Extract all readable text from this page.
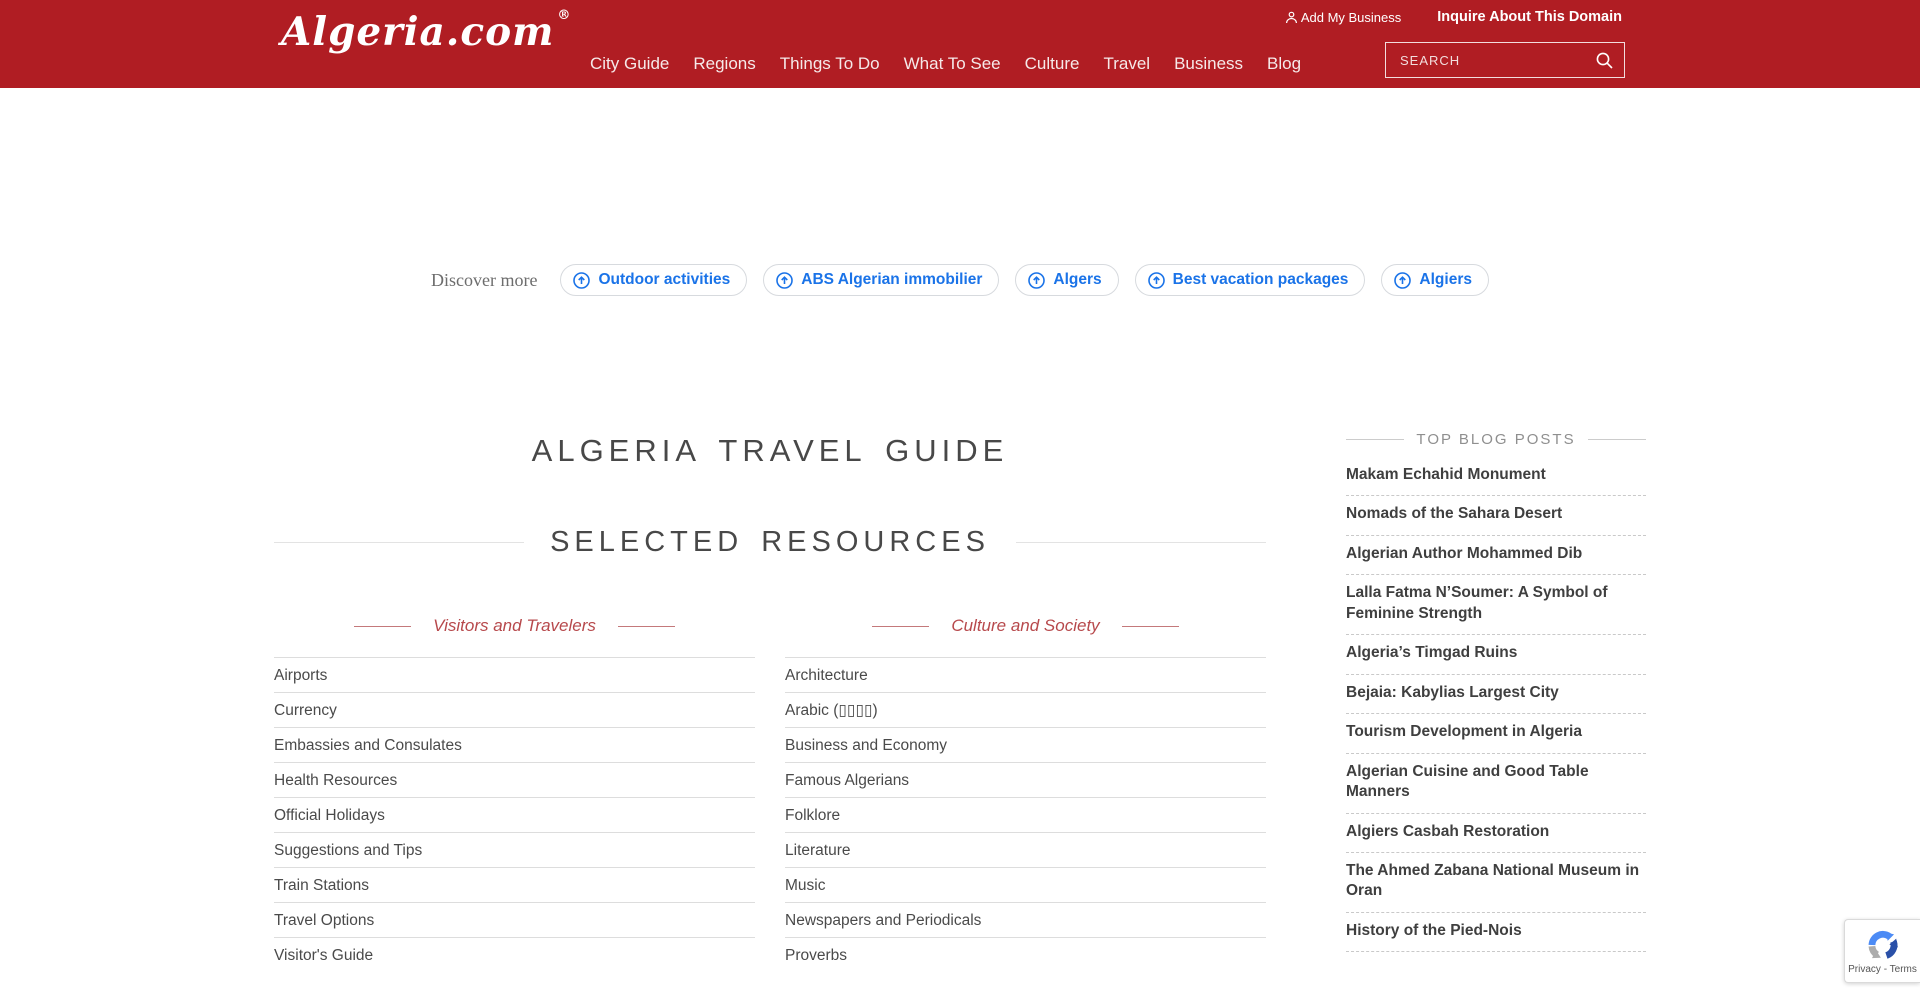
Algeria.com ®
City Guide Regions Things To Do What To See Culture Travel Business Blog
Add My Business Inquire About This Domain
SEARCH
Discover more	Outdoor activities	ABS Algerian immobilier	Algers	Best vacation packages	Algiers
ALGERIA TRAVEL GUIDE
SELECTED RESOURCES
Visitors and Travelers
Airports
Currency
Embassies and Consulates
Health Resources
Official Holidays
Suggestions and Tips
Train Stations
Travel Options
Visitor's Guide
Culture and Society
Architecture
Arabic (▯▯▯▯)
Business and Economy
Famous Algerians
Folklore
Literature
Music
Newspapers and Periodicals
Proverbs
TOP BLOG POSTS
Makam Echahid Monument
Nomads of the Sahara Desert
Algerian Author Mohammed Dib
Lalla Fatma N’Soumer: A Symbol of Feminine Strength
Algeria’s Timgad Ruins
Bejaia: Kabylias Largest City
Tourism Development in Algeria
Algerian Cuisine and Good Table Manners
Algiers Casbah Restoration
The Ahmed Zabana National Museum in Oran
History of the Pied-Nois
Privacy - Terms
